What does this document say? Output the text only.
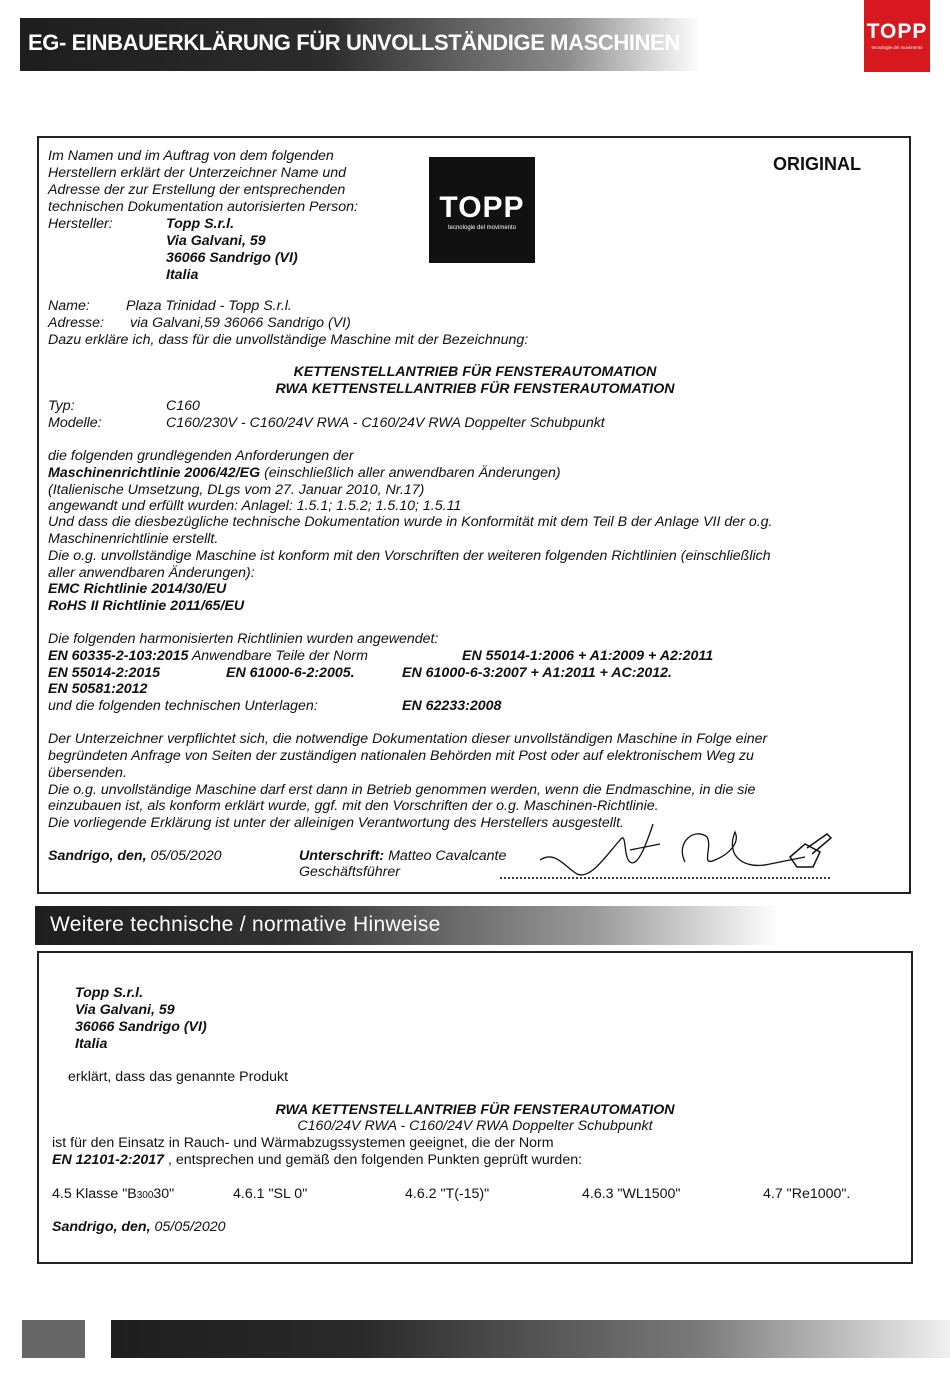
EG- EINBAUERKLÄRUNG FÜR UNVOLLSTÄNDIGE MASCHINEN	TOPP
tecnologie del movimento
Im Namen und im Auftrag von dem folgenden
Herstellern erklärt der Unterzeichner Name und
Adresse der zur Erstellung der entsprechenden
technischen Dokumentation autorisierten Person:
Hersteller:	Topp S.r.l.
Via Galvani, 59
36066 Sandrigo (VI)
Italia
TOPP
tecnologie del movimento
ORIGINAL
Name:	Plaza Trinidad - Topp S.r.l.
Adresse: via Galvani,59 36066 Sandrigo (VI)
Dazu erkläre ich, dass für die unvollständige Maschine mit der Bezeichnung:
KETTENSTELLANTRIEB FÜR FENSTERAUTOMATION
RWA KETTENSTELLANTRIEB FÜR FENSTERAUTOMATION
Typ:	C160
Modelle:	C160/230V - C160/24V RWA - C160/24V RWA Doppelter Schubpunkt
die folgenden grundlegenden Anforderungen der
Maschinenrichtlinie 2006/42/EG (einschließlich aller anwendbaren Änderungen)
(Italienische Umsetzung, DLgs vom 27. Januar 2010, Nr.17)
angewandt und erfüllt wurden: Anlagel: 1.5.1; 1.5.2; 1.5.10; 1.5.11
Und dass die diesbezügliche technische Dokumentation wurde in Konformität mit dem Teil B der Anlage VII der o.g.
Maschinenrichtlinie erstellt.
Die o.g. unvollständige Maschine ist konform mit den Vorschriften der weiteren folgenden Richtlinien (einschließlich
aller anwendbaren Änderungen):
EMC Richtlinie 2014/30/EU
RoHS II Richtlinie 2011/65/EU
Die folgenden harmonisierten Richtlinien wurden angewendet:
EN 60335-2-103:2015 Anwendbare Teile der Norm	EN 55014-1:2006 + A1:2009 + A2:2011
EN 55014-2:2015	EN 61000-6-2:2005.	EN 61000-6-3:2007 + A1:2011 + AC:2012.
EN 50581:2012
und die folgenden technischen Unterlagen:	EN 62233:2008
Der Unterzeichner verpflichtet sich, die notwendige Dokumentation dieser unvollständigen Maschine in Folge einer
begründeten Anfrage von Seiten der zuständigen nationalen Behörden mit Post oder auf elektronischem Weg zu
übersenden.
Die o.g. unvollständige Maschine darf erst dann in Betrieb genommen werden, wenn die Endmaschine, in die sie
einzubauen ist, als konform erklärt wurde, ggf. mit den Vorschriften der o.g. Maschinen-Richtlinie.
Die vorliegende Erklärung ist unter der alleinigen Verantwortung des Herstellers ausgestellt.
Sandrigo, den, 05/05/2020	Unterschrift: Matteo Cavalcante
Geschäftsführer
Weitere technische / normative Hinweise
Topp S.r.l.
Via Galvani, 59
36066 Sandrigo (VI)
Italia
erklärt, dass das genannte Produkt
RWA KETTENSTELLANTRIEB FÜR FENSTERAUTOMATION
C160/24V RWA - C160/24V RWA Doppelter Schubpunkt
ist für den Einsatz in Rauch- und Wärmabzugssystemen geeignet, die der Norm
EN 12101-2:2017 , entsprechen und gemäß den folgenden Punkten geprüft wurden:
4.5 Klasse "B30030"	4.6.1 "SL 0"	4.6.2 "T(-15)"	4.6.3 "WL1500"	4.7 "Re1000".
Sandrigo, den, 05/05/2020
